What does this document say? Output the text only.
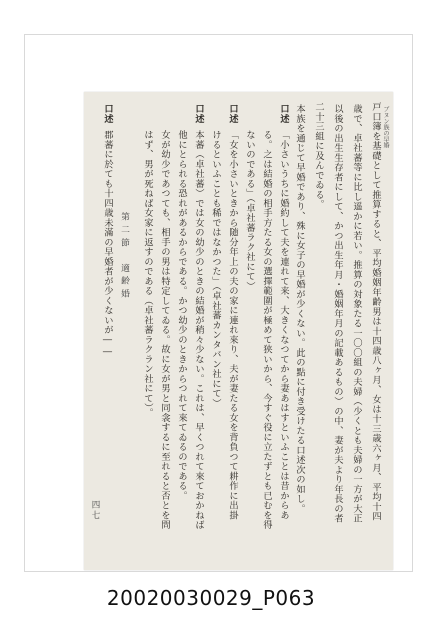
戸口簿を基礎として推算すると、平均婚姻年齢男は十四歳八ヶ月、女は十三歳六ヶ月、平均十四
歳で、卓社蕃等に比し遥かに若い。推算の対象たる一〇〇組の夫婦（少くとも夫婦の一方が大正
以後の出生生存者にして、かつ出生年月・婚姻年月の記載あるもの）の中、妻が夫より年長の者
二十三組に及んでゐる。	ブヌン族の早婚
本族を通じて早婚であり、殊に女子の早婚が少くない。此の點に付き受けたる口述次の如し。
口述
「小さいうちに婚約して夫を連れて来、大きくなつてから妻あはすといふことは昔からあ
る。之は結婚の相手方たる女の選擇範圍が極めて狭いから、今すぐ役に立たずとも已むを得
ないのである」（卓社蕃ラク社にて）
口述
「女を小さいときから随分年上の夫の家に連れ來り、夫が妻たる女を背負つて耕作に出掛
けるといふことも稀ではなかつた」（卓社蕃カンタバン社にて）
口述
本蕃（卓社蕃）では女の幼少のときの結婚が稍々少ない。これは、早くつれて來ておかねば
他にとられる恐れがあるからである。かつ幼少のときからつれて來てゐるのである。
女が幼少であつても、相手の男は特定してゐる。故に女が男と同衾するに至れると否とを問
はず、男が死ねば女家に返すのである（卓社蕃ラクラン社にて）。
第二節　適齢婚
口述
郡蕃に於ても十四歳未滿の早婚者が少くないが――
四七
20020030029_P063
